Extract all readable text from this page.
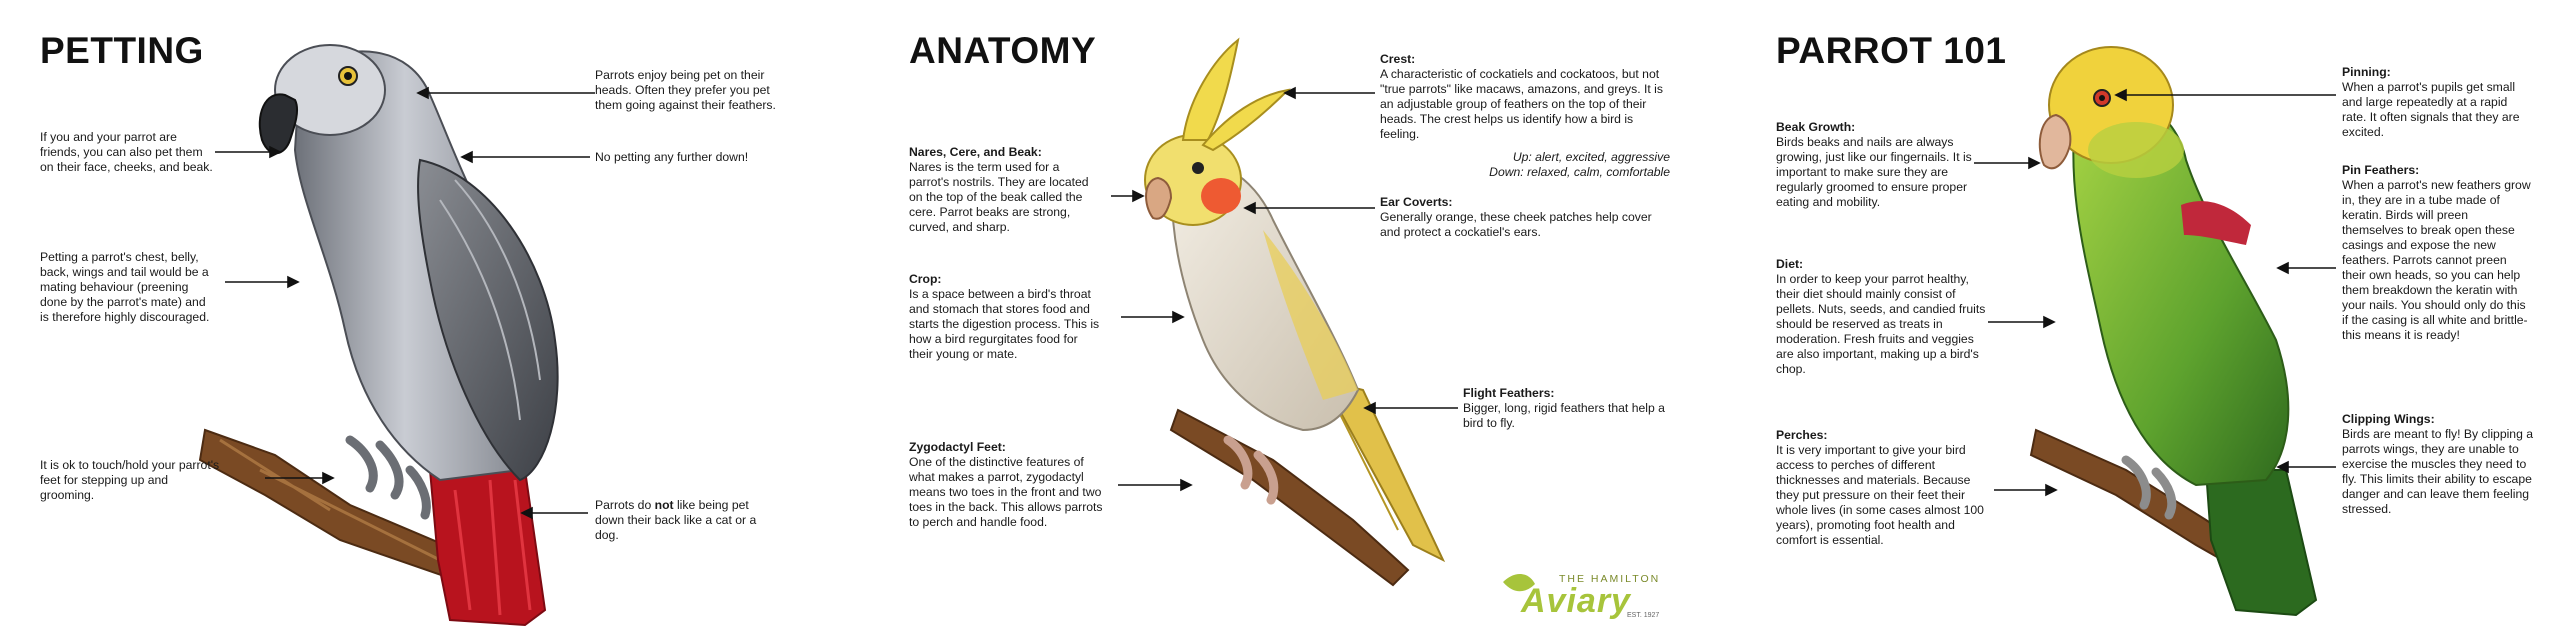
PETTING
Parrots enjoy being pet on their heads. Often they prefer you pet them going against their feathers.
If you and your parrot are friends, you can also pet them on their face, cheeks, and beak.
No petting any further down!
Petting a parrot's chest, belly, back, wings and tail would be a mating behaviour (preening done by the parrot's mate) and is therefore highly discouraged.
It is ok to touch/hold your parrot's feet for stepping up and grooming.
Parrots do not like being pet down their back like a cat or a dog.
ANATOMY
Nares, Cere, and Beak:
Nares is the term used for a parrot's nostrils. They are located on the top of the beak called the cere. Parrot beaks are strong, curved, and sharp.
Crop:
Is a space between a bird's throat and stomach that stores food and starts the digestion process. This is how a bird regurgitates food for their young or mate.
Zygodactyl Feet:
One of the distinctive features of what makes a parrot, zygodactyl means two toes in the front and two toes in the back. This allows parrots to perch and handle food.
Crest:
A characteristic of cockatiels and cockatoos, but not "true parrots" like macaws, amazons, and greys. It is an adjustable group of feathers on the top of their heads. The crest helps us identify how a bird is feeling.
Up: alert, excited, aggressive
Down: relaxed, calm, comfortable
Ear Coverts:
Generally orange, these cheek patches help cover and protect a cockatiel's ears.
Flight Feathers:
Bigger, long, rigid feathers that help a bird to fly.
THE HAMILTON
Aviary
EST. 1927
PARROT 101
Beak Growth:
Birds beaks and nails are always growing, just like our fingernails. It is important to make sure they are regularly groomed to ensure proper eating and mobility.
Diet:
In order to keep your parrot healthy, their diet should mainly consist of pellets. Nuts, seeds, and candied fruits should be reserved as treats in moderation. Fresh fruits and veggies are also important, making up a bird's chop.
Perches:
It is very important to give your bird access to perches of different thicknesses and materials. Because they put pressure on their feet their whole lives (in some cases almost 100 years), promoting foot health and comfort is essential.
Pinning:
When a parrot's pupils get small and large repeatedly at a rapid rate. It often signals that they are excited.
Pin Feathers:
When a parrot's new feathers grow in, they are in a tube made of keratin. Birds will preen themselves to break open these casings and expose the new feathers. Parrots cannot preen their own heads, so you can help them breakdown the keratin with your nails. You should only do this if the casing is all white and brittle-this means it is ready!
Clipping Wings:
Birds are meant to fly! By clipping a parrots wings, they are unable to exercise the muscles they need to fly. This limits their ability to escape danger and can leave them feeling stressed.
